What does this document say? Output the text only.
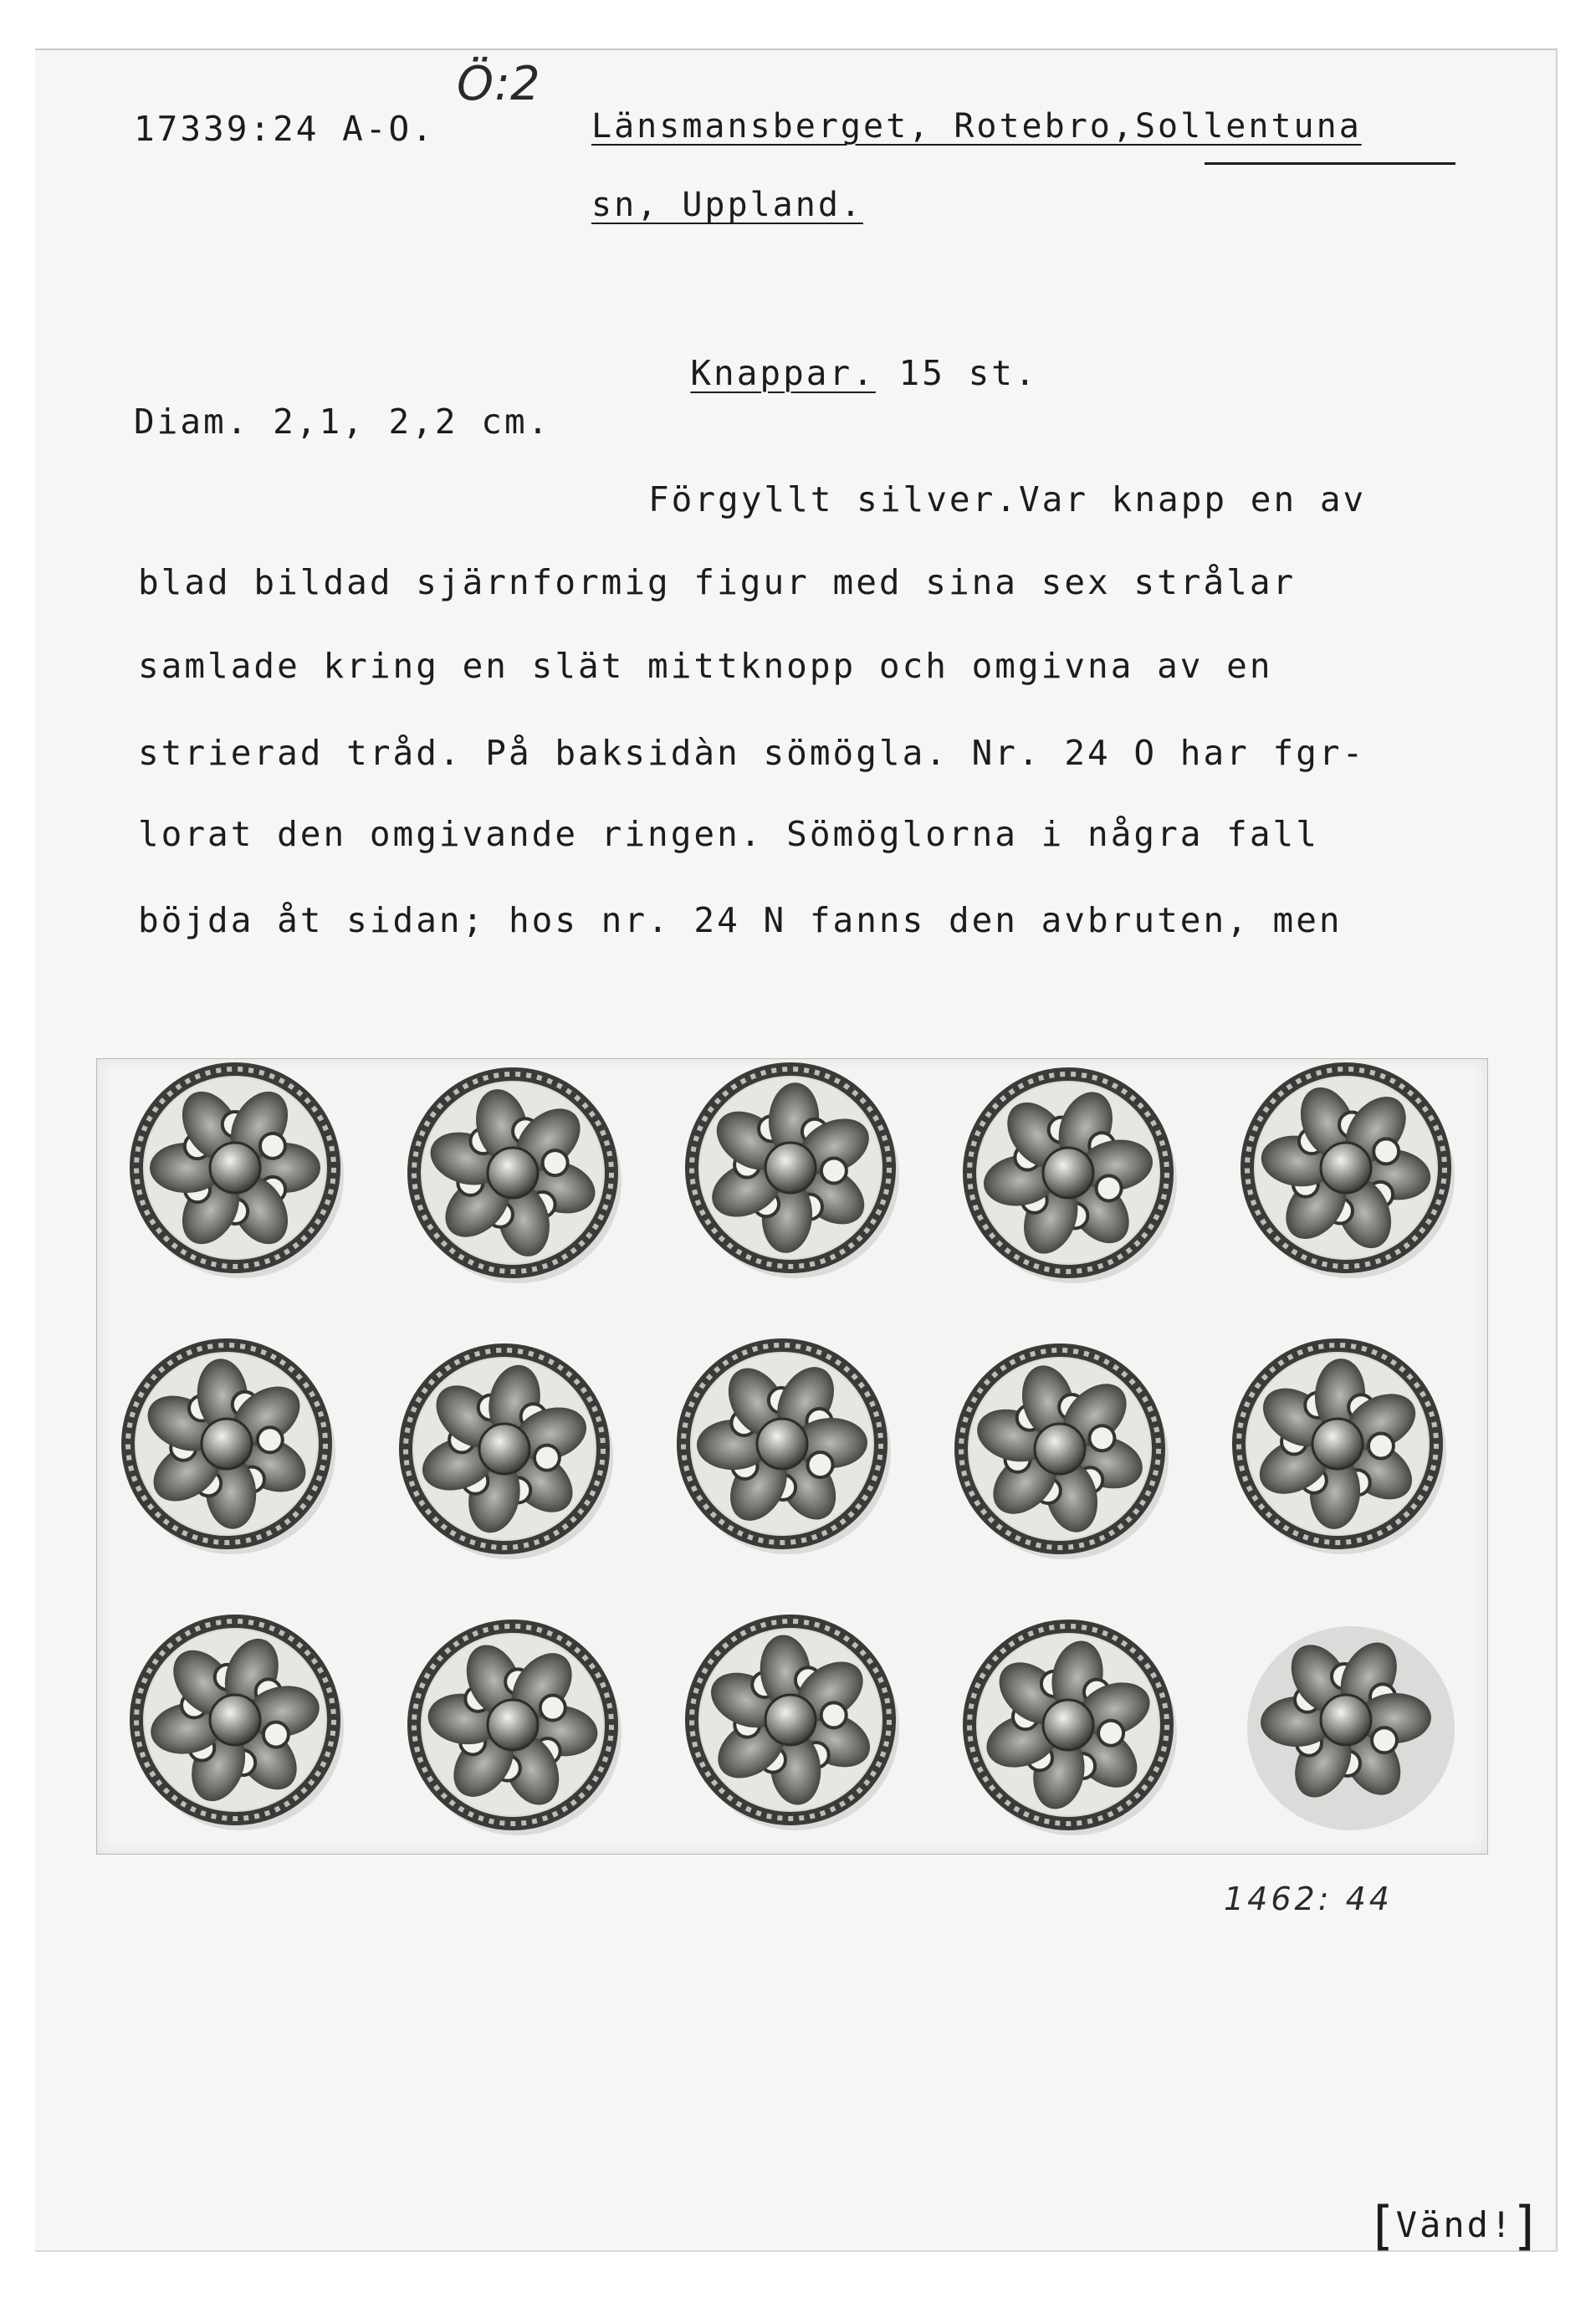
Ö:2
17339:24 A-O.	Länsmansberget, Rotebro,Sollentuna
sn, Uppland.

Knappar. 15 st.

Diam. 2,1, 2,2 cm.
Förgyllt silver.Var knapp en av
blad bildad sjärnformig figur med sina sex strålar
samlade kring en slät mittknopp och omgivna av en
strierad tråd. På baksidàn sömögla. Nr. 24 O har fgr-
lorat den omgivande ringen. Sömöglorna i några fall
böjda åt sidan; hos nr. 24 N fanns den avbruten, men
1462: 44

[Vänd!]
